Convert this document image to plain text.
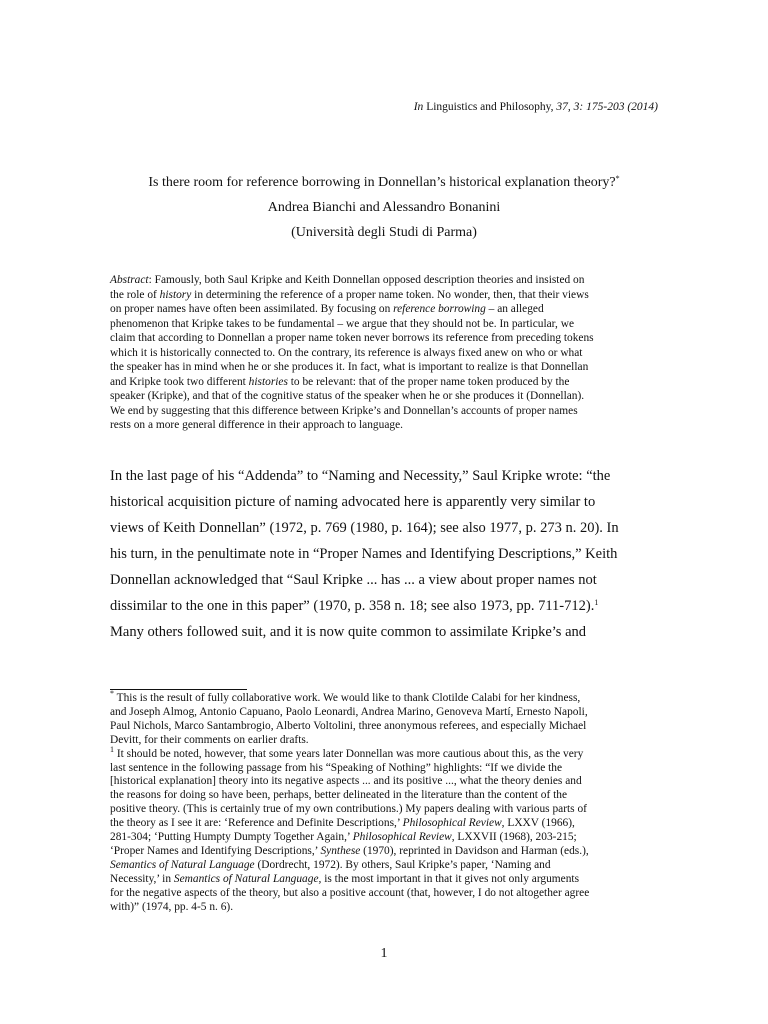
In Linguistics and Philosophy, 37, 3: 175-203 (2014)
Is there room for reference borrowing in Donnellan’s historical explanation theory?*
Andrea Bianchi and Alessandro Bonanini
(Università degli Studi di Parma)
Abstract: Famously, both Saul Kripke and Keith Donnellan opposed description theories and insisted on
the role of history in determining the reference of a proper name token. No wonder, then, that their views
on proper names have often been assimilated. By focusing on reference borrowing – an alleged
phenomenon that Kripke takes to be fundamental – we argue that they should not be. In particular, we
claim that according to Donnellan a proper name token never borrows its reference from preceding tokens
which it is historically connected to. On the contrary, its reference is always fixed anew on who or what
the speaker has in mind when he or she produces it. In fact, what is important to realize is that Donnellan
and Kripke took two different histories to be relevant: that of the proper name token produced by the
speaker (Kripke), and that of the cognitive status of the speaker when he or she produces it (Donnellan).
We end by suggesting that this difference between Kripke’s and Donnellan’s accounts of proper names
rests on a more general difference in their approach to language.
In the last page of his “Addenda” to “Naming and Necessity,” Saul Kripke wrote: “the
historical acquisition picture of naming advocated here is apparently very similar to
views of Keith Donnellan” (1972, p. 769 (1980, p. 164); see also 1977, p. 273 n. 20). In
his turn, in the penultimate note in “Proper Names and Identifying Descriptions,” Keith
Donnellan acknowledged that “Saul Kripke ... has ... a view about proper names not
dissimilar to the one in this paper” (1970, p. 358 n. 18; see also 1973, pp. 711-712).$^1$
Many others followed suit, and it is now quite common to assimilate Kripke’s and
* This is the result of fully collaborative work. We would like to thank Clotilde Calabi for her kindness,
and Joseph Almog, Antonio Capuano, Paolo Leonardi, Andrea Marino, Genoveva Martí, Ernesto Napoli,
Paul Nichols, Marco Santambrogio, Alberto Voltolini, three anonymous referees, and especially Michael
Devitt, for their comments on earlier drafts.
$^1$ It should be noted, however, that some years later Donnellan was more cautious about this, as the very
last sentence in the following passage from his “Speaking of Nothing” highlights: “If we divide the
[historical explanation] theory into its negative aspects ... and its positive ..., what the theory denies and
the reasons for doing so have been, perhaps, better delineated in the literature than the content of the
positive theory. (This is certainly true of my own contributions.) My papers dealing with various parts of
the theory as I see it are: ‘Reference and Definite Descriptions,’ Philosophical Review, LXXV (1966),
281-304; ‘Putting Humpty Dumpty Together Again,’ Philosophical Review, LXXVII (1968), 203-215;
‘Proper Names and Identifying Descriptions,’ Synthese (1970), reprinted in Davidson and Harman (eds.),
Semantics of Natural Language (Dordrecht, 1972). By others, Saul Kripke’s paper, ‘Naming and
Necessity,’ in Semantics of Natural Language, is the most important in that it gives not only arguments
for the negative aspects of the theory, but also a positive account (that, however, I do not altogether agree
with)” (1974, pp. 4-5 n. 6).
1
